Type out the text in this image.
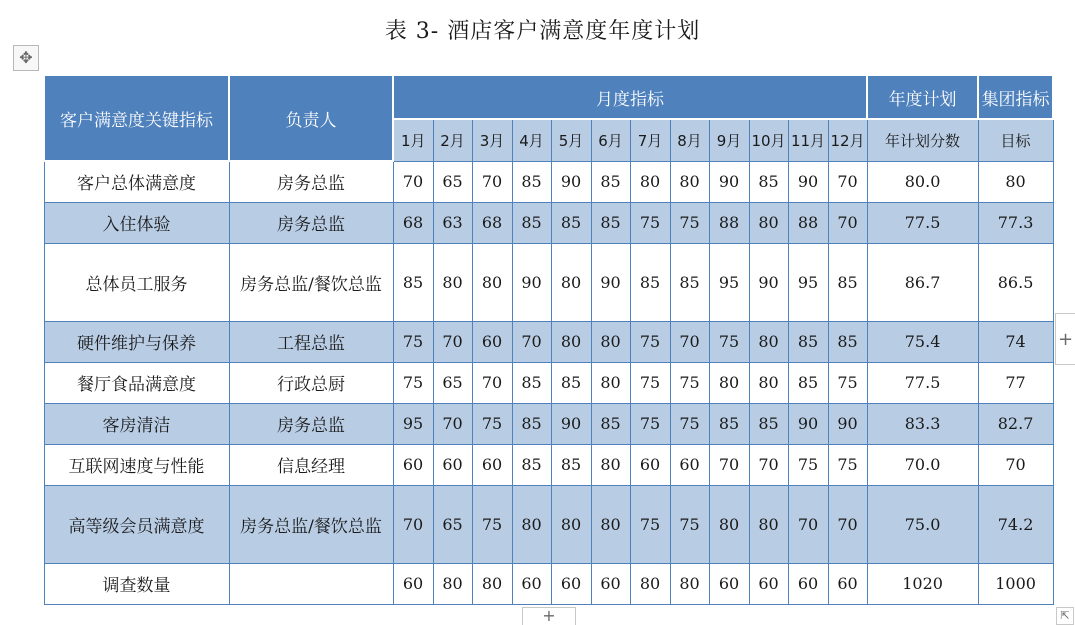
表 3- 酒店客户满意度年度计划
✥
客户满意度关键指标	负责人	月度指标												年度计划	集团指标
		1月	2月	3月	4月	5月	6月	7月	8月	9月	10月	11月	12月	年计划分数	目标
客户总体满意度	房务总监	70	65	70	85	90	85	80	80	90	85	90	70	80.0	80
入住体验	房务总监	68	63	68	85	85	85	75	75	88	80	88	70	77.5	77.3
总体员工服务	房务总监/餐饮总监	85	80	80	90	80	90	85	85	95	90	95	85	86.7	86.5
硬件维护与保养	工程总监	75	70	60	70	80	80	75	70	75	80	85	85	75.4	74
餐厅食品满意度	行政总厨	75	65	70	85	85	80	75	75	80	80	85	75	77.5	77
客房清洁	房务总监	95	70	75	85	90	85	75	75	85	85	90	90	83.3	82.7
互联网速度与性能	信息经理	60	60	60	85	85	80	60	60	70	70	75	75	70.0	70
高等级会员满意度	房务总监/餐饮总监	70	65	75	80	80	80	75	75	80	80	70	70	75.0	74.2
调查数量		60	80	80	60	60	60	80	80	60	60	60	60	1020	1000
+
+	⇱
